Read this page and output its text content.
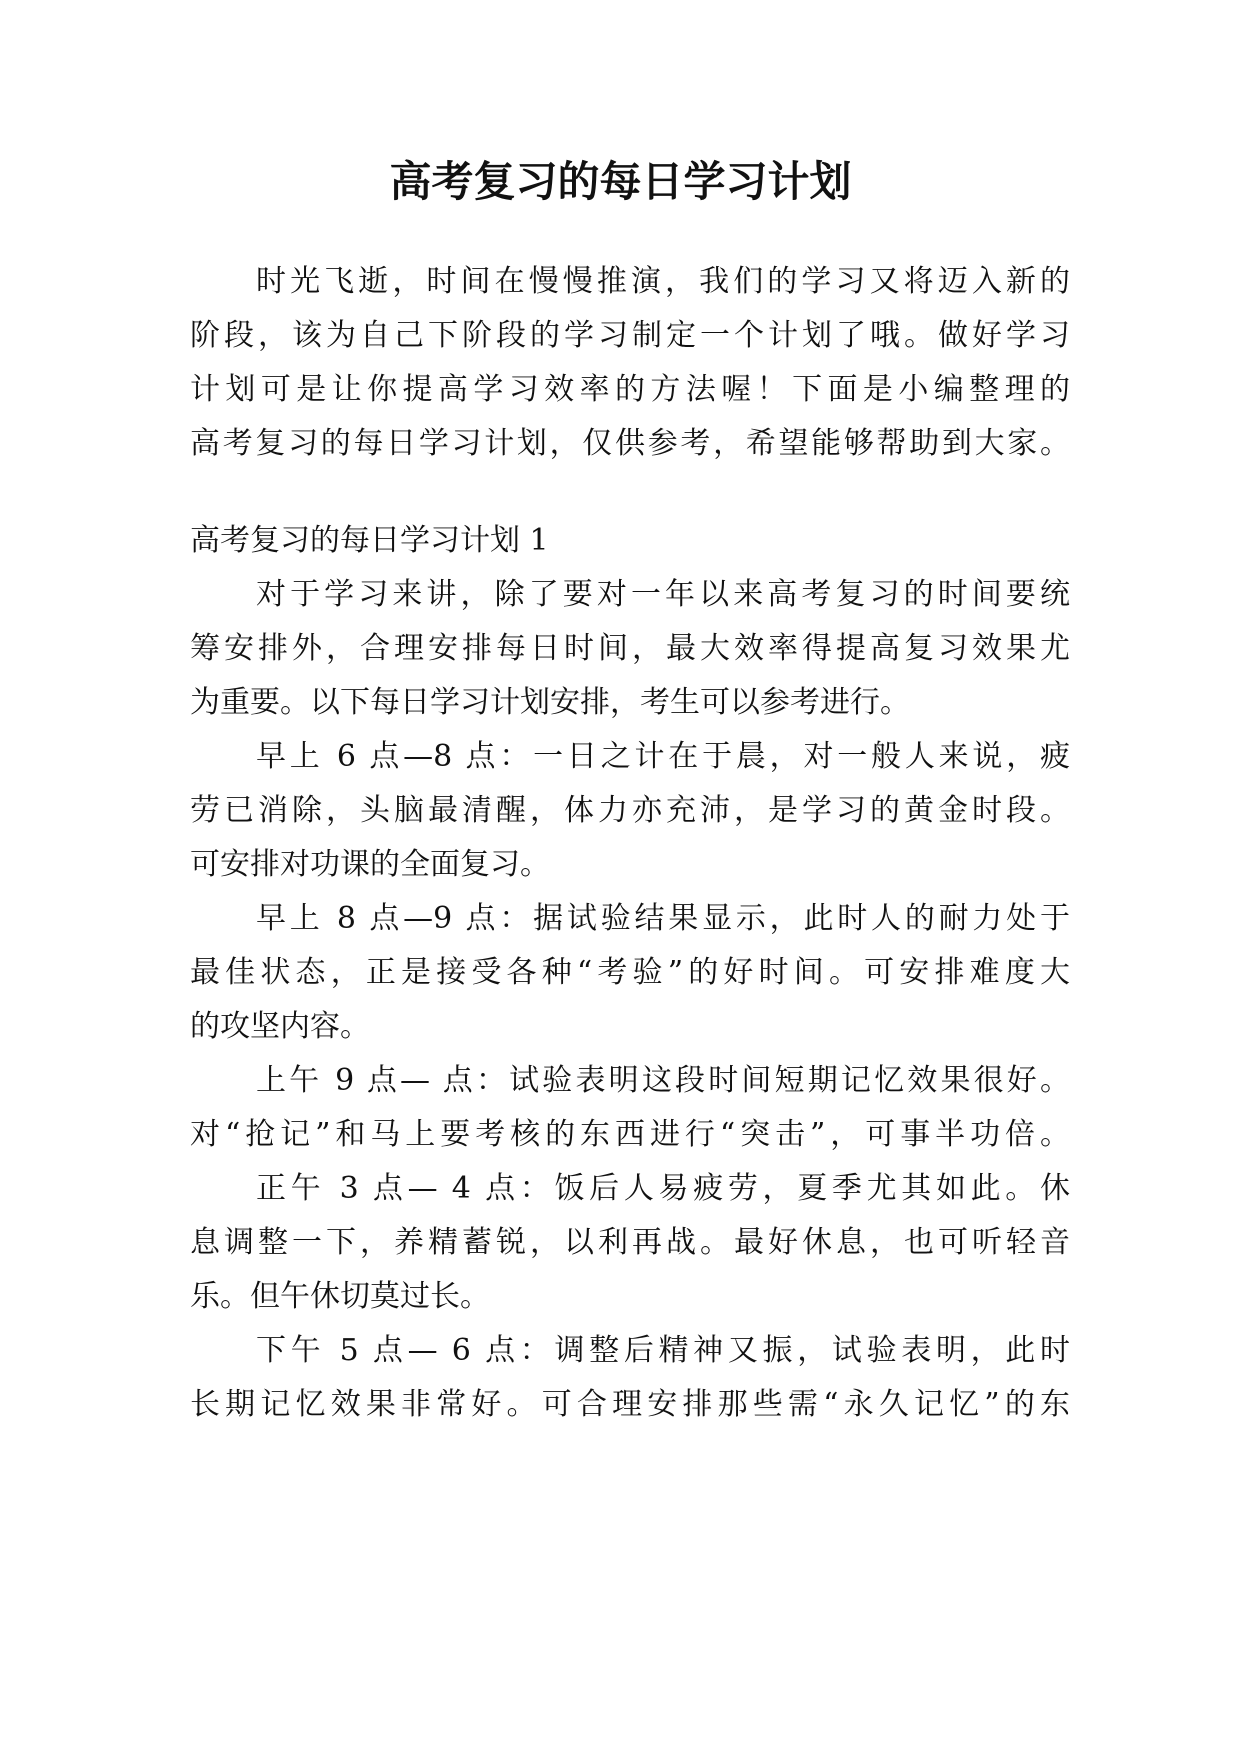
高考复习的每日学习计划
时光飞逝，时间在慢慢推演，我们的学习又将迈入新的
阶段，该为自己下阶段的学习制定一个计划了哦。做好学习
计划可是让你提高学习效率的方法喔！下面是小编整理的
高考复习的每日学习计划，仅供参考，希望能够帮助到大家。
高考复习的每日学习计划 1
对于学习来讲，除了要对一年以来高考复习的时间要统
筹安排外，合理安排每日时间，最大效率得提高复习效果尤
为重要。以下每日学习计划安排，考生可以参考进行。
早上 6 点—8 点：一日之计在于晨，对一般人来说，疲
劳已消除，头脑最清醒，体力亦充沛，是学习的黄金时段。
可安排对功课的全面复习。
早上 8 点—9 点：据试验结果显示，此时人的耐力处于
最佳状态，正是接受各种“考验”的好时间。可安排难度大
的攻坚内容。
上午 9 点— 点：试验表明这段时间短期记忆效果很好。
对“抢记”和马上要考核的东西进行“突击”，可事半功倍。
正午 3 点— 4 点：饭后人易疲劳，夏季尤其如此。休
息调整一下，养精蓄锐，以利再战。最好休息，也可听轻音
乐。但午休切莫过长。
下午 5 点— 6 点：调整后精神又振，试验表明，此时
长期记忆效果非常好。可合理安排那些需“永久记忆”的东
